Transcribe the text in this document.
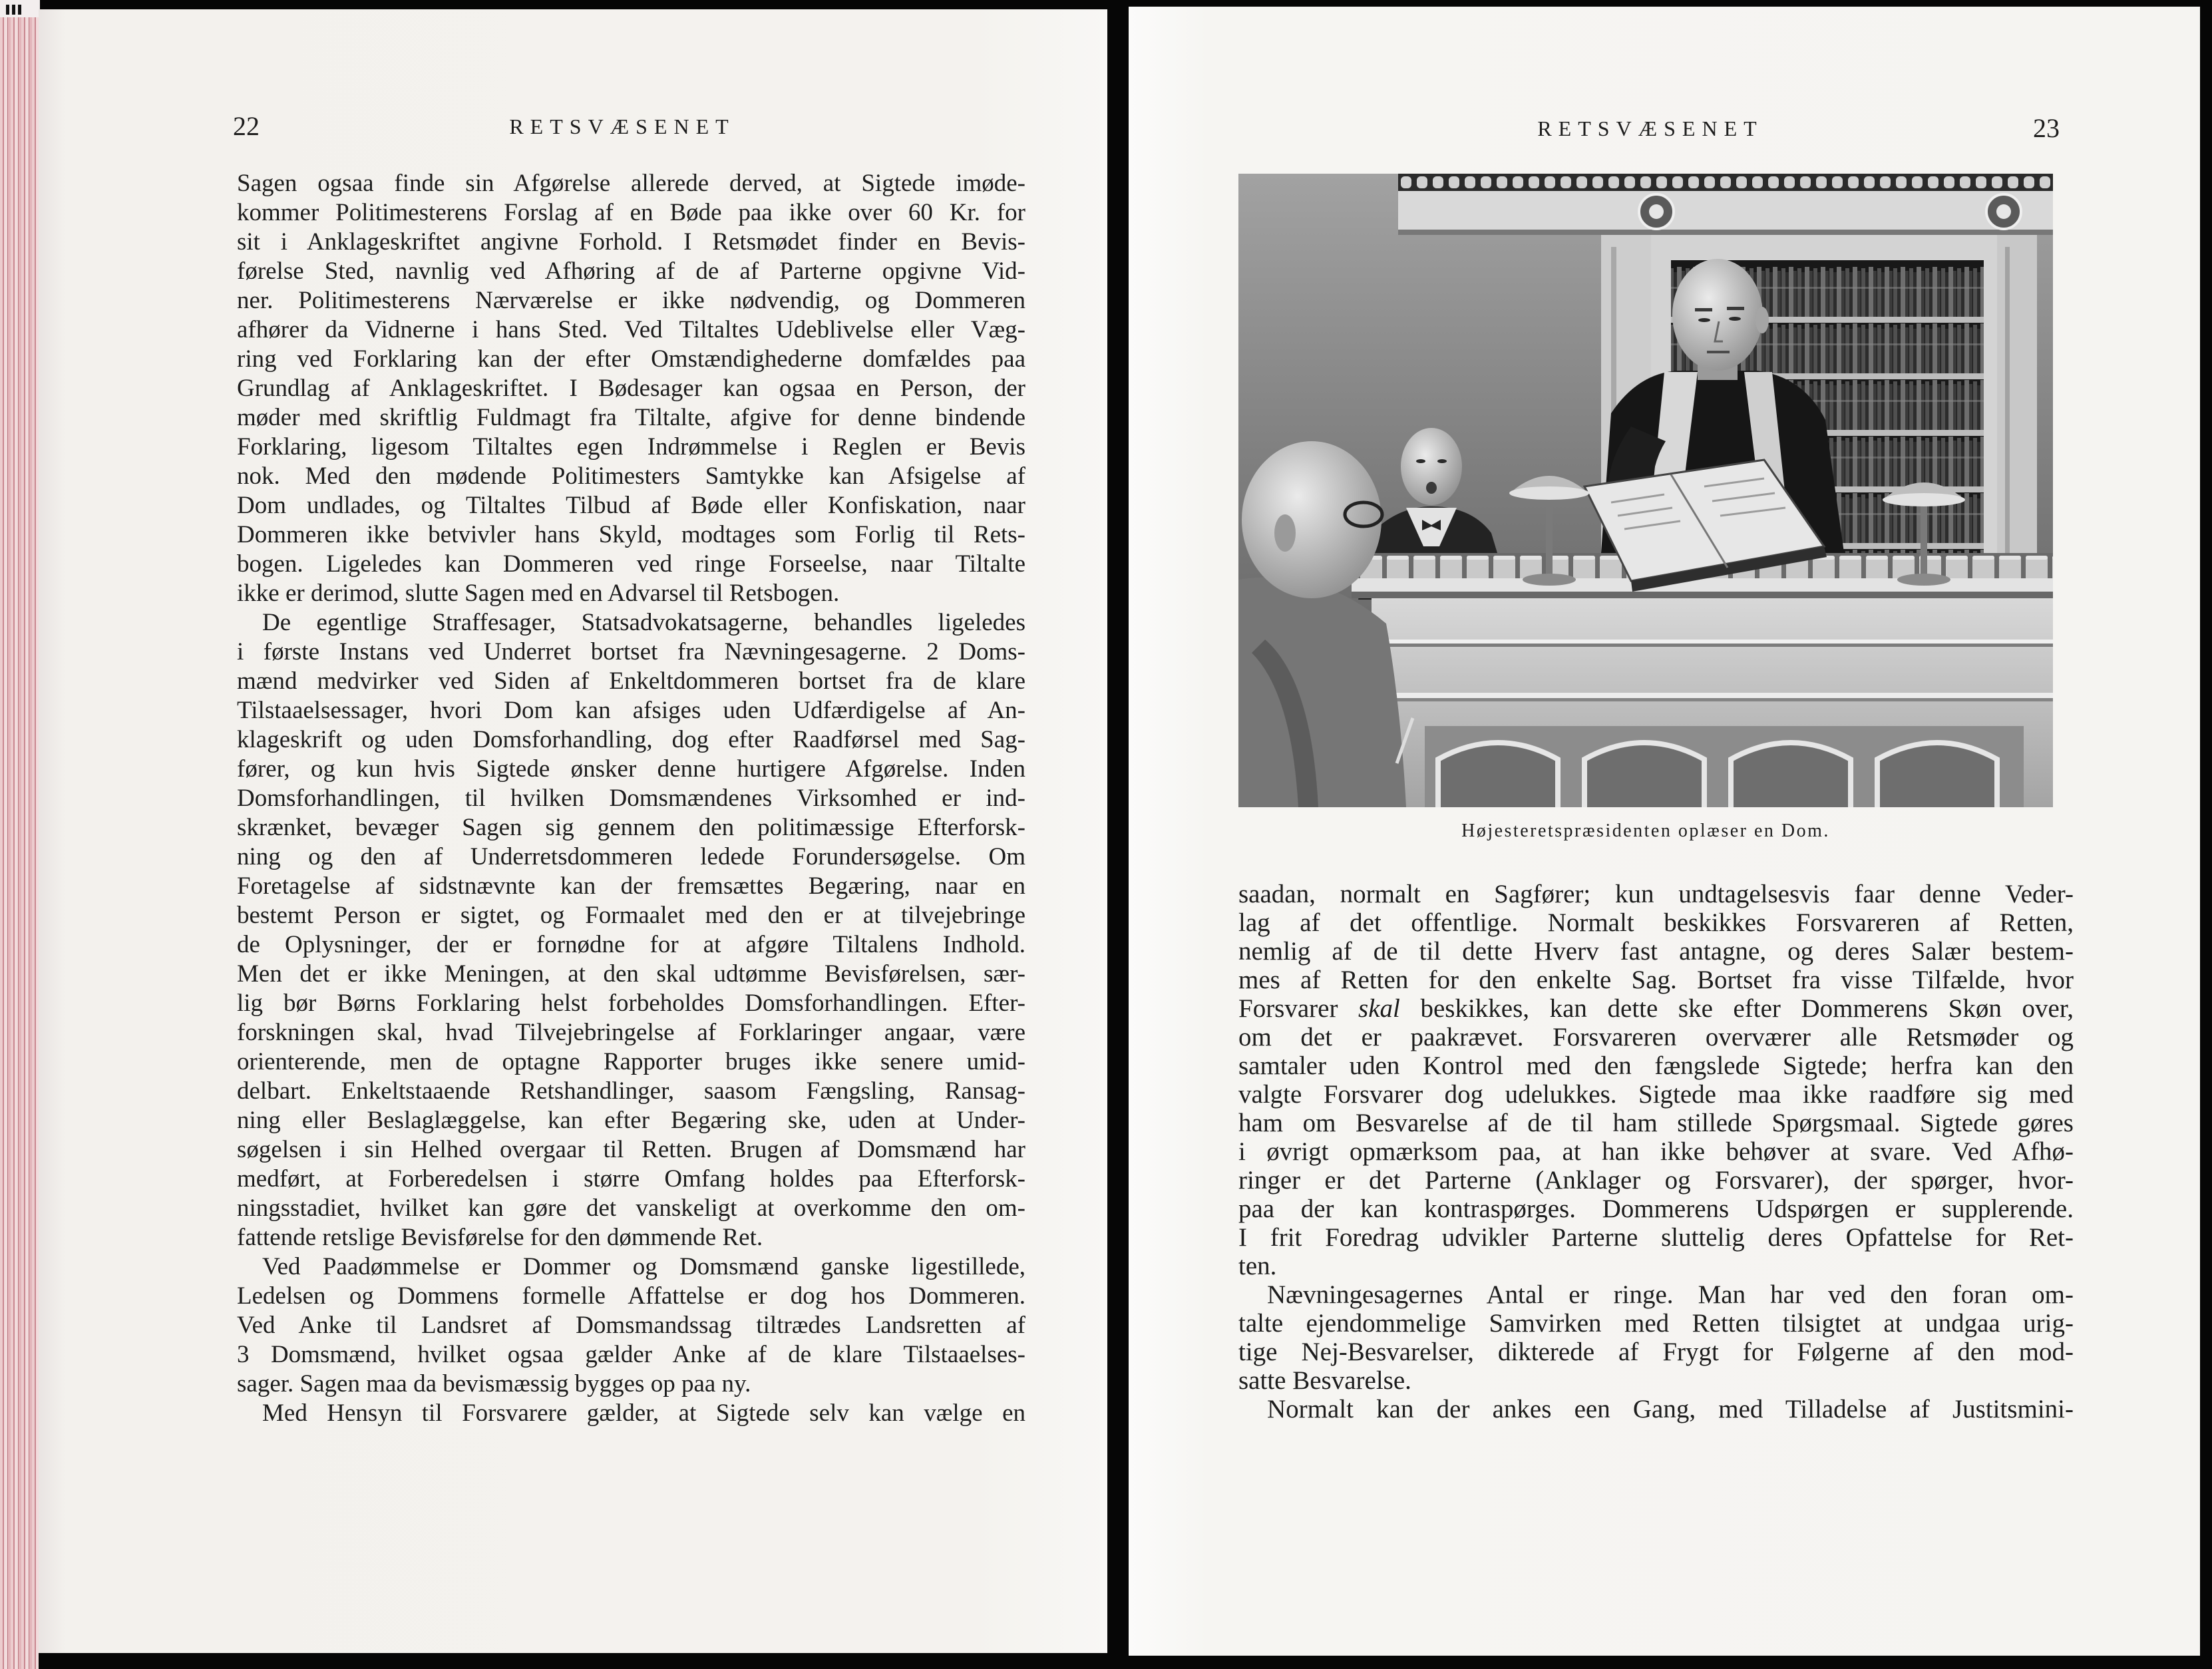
22	RETSVÆSENET
Sagen ogsaa finde sin Afgørelse allerede derved, at Sigtede imøde-
kommer Politimesterens Forslag af en Bøde paa ikke over 60 Kr. for
sit i Anklageskriftet angivne Forhold. I Retsmødet finder en Bevis-
førelse Sted, navnlig ved Afhøring af de af Parterne opgivne Vid-
ner. Politimesterens Nærværelse er ikke nødvendig, og Dommeren
afhører da Vidnerne i hans Sted. Ved Tiltaltes Udeblivelse eller Væg-
ring ved Forklaring kan der efter Omstændighederne domfældes paa
Grundlag af Anklageskriftet. I Bødesager kan ogsaa en Person, der
møder med skriftlig Fuldmagt fra Tiltalte, afgive for denne bindende
Forklaring, ligesom Tiltaltes egen Indrømmelse i Reglen er Bevis
nok. Med den mødende Politimesters Samtykke kan Afsigelse af
Dom undlades, og Tiltaltes Tilbud af Bøde eller Konfiskation, naar
Dommeren ikke betvivler hans Skyld, modtages som Forlig til Rets-
bogen. Ligeledes kan Dommeren ved ringe Forseelse, naar Tiltalte
ikke er derimod, slutte Sagen med en Advarsel til Retsbogen.
De egentlige Straffesager, Statsadvokatsagerne, behandles ligeledes
i første Instans ved Underret bortset fra Nævningesagerne. 2 Doms-
mænd medvirker ved Siden af Enkeltdommeren bortset fra de klare
Tilstaaelsessager, hvori Dom kan afsiges uden Udfærdigelse af An-
klageskrift og uden Domsforhandling, dog efter Raadførsel med Sag-
fører, og kun hvis Sigtede ønsker denne hurtigere Afgørelse. Inden
Domsforhandlingen, til hvilken Domsmændenes Virksomhed er ind-
skrænket, bevæger Sagen sig gennem den politimæssige Efterforsk-
ning og den af Underretsdommeren ledede Forundersøgelse. Om
Foretagelse af sidstnævnte kan der fremsættes Begæring, naar en
bestemt Person er sigtet, og Formaalet med den er at tilvejebringe
de Oplysninger, der er fornødne for at afgøre Tiltalens Indhold.
Men det er ikke Meningen, at den skal udtømme Bevisførelsen, sær-
lig bør Børns Forklaring helst forbeholdes Domsforhandlingen. Efter-
forskningen skal, hvad Tilvejebringelse af Forklaringer angaar, være
orienterende, men de optagne Rapporter bruges ikke senere umid-
delbart. Enkeltstaaende Retshandlinger, saasom Fængsling, Ransag-
ning eller Beslaglæggelse, kan efter Begæring ske, uden at Under-
søgelsen i sin Helhed overgaar til Retten. Brugen af Domsmænd har
medført, at Forberedelsen i større Omfang holdes paa Efterforsk-
ningsstadiet, hvilket kan gøre det vanskeligt at overkomme den om-
fattende retslige Bevisførelse for den dømmende Ret.
Ved Paadømmelse er Dommer og Domsmænd ganske ligestillede,
Ledelsen og Dommens formelle Affattelse er dog hos Dommeren.
Ved Anke til Landsret af Domsmandssag tiltrædes Landsretten af
3 Domsmænd, hvilket ogsaa gælder Anke af de klare Tilstaaelses-
sager. Sagen maa da bevismæssig bygges op paa ny.
Med Hensyn til Forsvarere gælder, at Sigtede selv kan vælge en
RETSVÆSENET	23
Højesteretspræsidenten oplæser en Dom.
saadan, normalt en Sagfører; kun undtagelsesvis faar denne Veder-
lag af det offentlige. Normalt beskikkes Forsvareren af Retten,
nemlig af de til dette Hverv fast antagne, og deres Salær bestem-
mes af Retten for den enkelte Sag. Bortset fra visse Tilfælde, hvor
Forsvarer skal beskikkes, kan dette ske efter Dommerens Skøn over,
om det er paakrævet. Forsvareren overværer alle Retsmøder og
samtaler uden Kontrol med den fængslede Sigtede; herfra kan den
valgte Forsvarer dog udelukkes. Sigtede maa ikke raadføre sig med
ham om Besvarelse af de til ham stillede Spørgsmaal. Sigtede gøres
i øvrigt opmærksom paa, at han ikke behøver at svare. Ved Afhø-
ringer er det Parterne (Anklager og Forsvarer), der spørger, hvor-
paa der kan kontraspørges. Dommerens Udspørgen er supplerende.
I frit Foredrag udvikler Parterne sluttelig deres Opfattelse for Ret-
ten.
Nævningesagernes Antal er ringe. Man har ved den foran om-
talte ejendommelige Samvirken med Retten tilsigtet at undgaa urig-
tige Nej-Besvarelser, dikterede af Frygt for Følgerne af den mod-
satte Besvarelse.
Normalt kan der ankes een Gang, med Tilladelse af Justitsmini-
